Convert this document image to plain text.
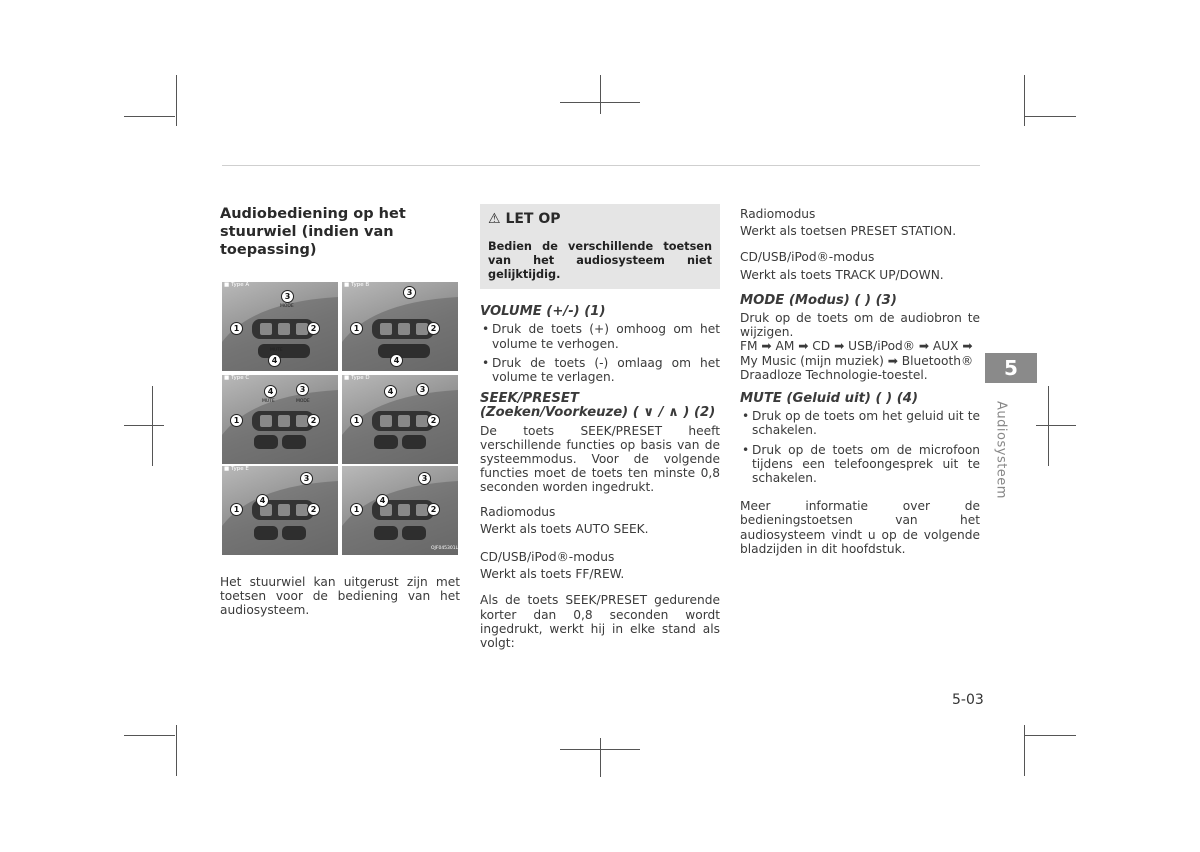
Audiobediening op het stuurwiel (indien van toepassing)
■ Type A
3
1	2
4
MODE
MUTE
■ Type B
3
1	2
4
■ Type C
4	3
1	2
MUTE	MODE
■ Type D
4	3
1	2
■ Type E
3
4
1	2
3
4
1	2
OJF045301L

Het stuurwiel kan uitgerust zijn met toetsen voor de bediening van het audiosysteem.

⚠ LET OP
Bedien de verschillende toetsen van het audiosysteem niet gelijktijdig.
VOLUME (+/-) (1)
• Druk de toets (+) omhoog om het volume te verhogen.
• Druk de toets (-) omlaag om het volume te verlagen.
SEEK/PRESET (Zoeken/Voorkeuze) ( ∨ / ∧ ) (2)

De toets SEEK/PRESET heeft verschillende functies op basis van de systeemmodus. Voor de volgende functies moet de toets ten minste 0,8 seconden worden ingedrukt.

Radiomodus

Werkt als toets AUTO SEEK.

CD/USB/iPod®-modus

Werkt als toets FF/REW.

Als de toets SEEK/PRESET gedurende korter dan 0,8 seconden wordt ingedrukt, werkt hij in elke stand als volgt:

Radiomodus

Werkt als toetsen PRESET STATION.

CD/USB/iPod®-modus

Werkt als toets TRACK UP/DOWN.

MODE (Modus) ( ) (3)

Druk op de toets om de audiobron te wijzigen.

FM ➡ AM ➡ CD ➡ USB/iPod® ➡ AUX ➡ My Music (mijn muziek) ➡ Bluetooth® Draadloze Technologie-toestel.

MUTE (Geluid uit) ( ) (4)
• Druk op de toets om het geluid uit te schakelen.
• Druk op de toets om de microfoon tijdens een telefoongesprek uit te schakelen.

Meer informatie over de bedieningstoetsen van het audiosysteem vindt u op de volgende bladzijden in dit hoofdstuk.

5
Audiosysteem
5-03
